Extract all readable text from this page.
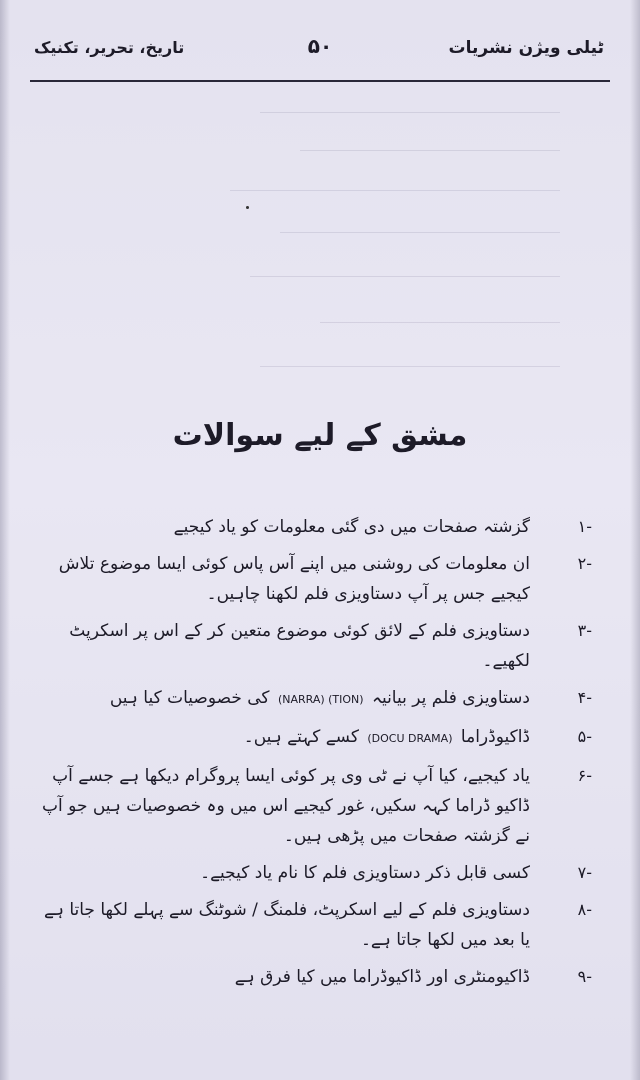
ٹیلی ویژن نشریات
۵۰
تاریخ، تحریر، تکنیک
مشق کے لیے سوالات
-۱
گزشتہ صفحات میں دی گئی معلومات کو یاد کیجیے
-۲
ان معلومات کی روشنی میں اپنے آس پاس کوئی ایسا موضوع تلاش کیجیے جس پر آپ دستاویزی فلم لکھنا چاہیں۔
-۳
دستاویزی فلم کے لائق کوئی موضوع متعین کر کے اس پر اسکرپٹ لکھیے۔
-۴
دستاویزی فلم پر بیانیہ (NARRA) (TION) کی خصوصیات کیا ہیں
-۵
ڈاکیوڈراما (DOCU DRAMA) کسے کہتے ہیں۔
-۶
یاد کیجیے، کیا آپ نے ٹی وی پر کوئی ایسا پروگرام دیکھا ہے جسے آپ ڈاکیو ڈراما کہہ سکیں، غور کیجیے اس میں وہ خصوصیات ہیں جو آپ نے گزشتہ صفحات میں پڑھی ہیں۔
-۷
کسی قابل ذکر دستاویزی فلم کا نام یاد کیجیے۔
-۸
دستاویزی فلم کے لیے اسکرپٹ، فلمنگ / شوٹنگ سے پہلے لکھا جاتا ہے یا بعد میں لکھا جاتا ہے۔
-۹
ڈاکیومنٹری اور ڈاکیوڈراما میں کیا فرق ہے
